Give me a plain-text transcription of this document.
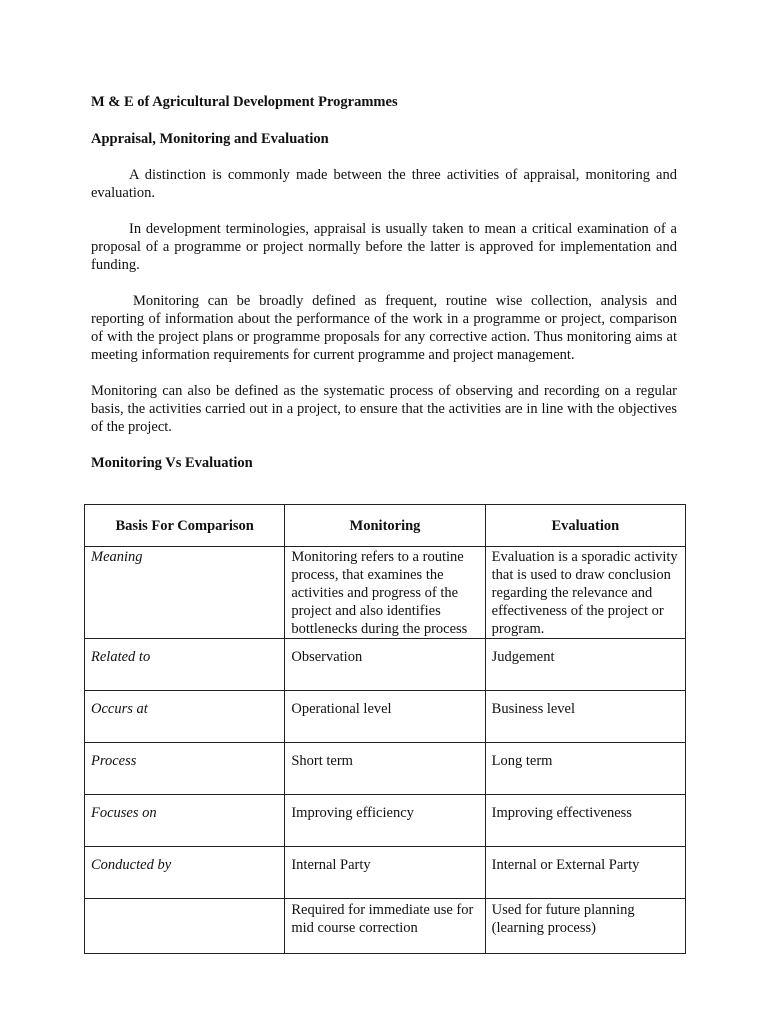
M & E of Agricultural Development Programmes

Appraisal, Monitoring and Evaluation

A distinction is commonly made between the three activities of appraisal, monitoring and evaluation.

In development terminologies, appraisal is usually taken to mean a critical examination of a proposal of a programme or project normally before the latter is approved for implementation and funding.

Monitoring can be broadly defined as frequent, routine wise collection, analysis and reporting of information about the performance of the work in a programme or project, comparison of with the project plans or programme proposals for any corrective action. Thus monitoring aims at meeting information requirements for current programme and project management.

Monitoring can also be defined as the systematic process of observing and recording on a regular basis, the activities carried out in a project, to ensure that the activities are in line with the objectives of the project.

Monitoring Vs Evaluation

Basis For Comparison	Monitoring	Evaluation
Meaning	Monitoring refers to a routine process, that examines the activities and progress of the project and also identifies bottlenecks during the process	Evaluation is a sporadic activity that is used to draw conclusion regarding the relevance and effectiveness of the project or program.
Related to	Observation	Judgement
Occurs at	Operational level	Business level
Process	Short term	Long term
Focuses on	Improving efficiency	Improving effectiveness
Conducted by	Internal Party	Internal or External Party
	Required for immediate use for mid course correction	Used for future planning (learning process)
